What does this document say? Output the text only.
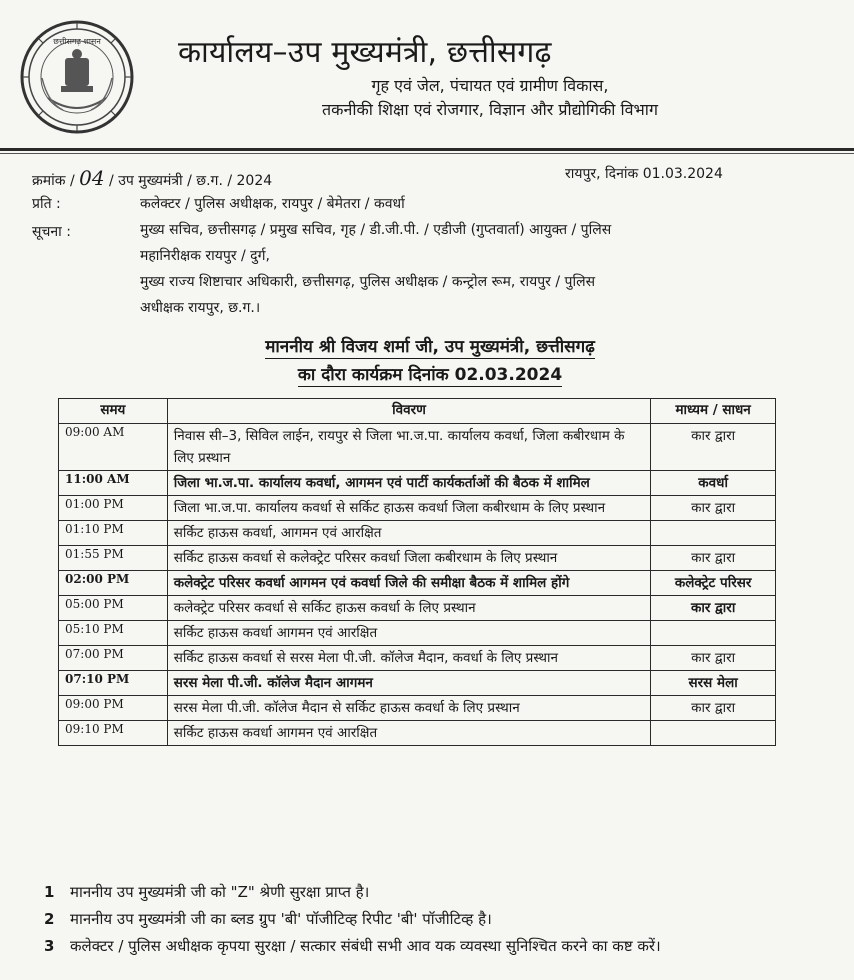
छत्तीसगढ़ शासन	कार्यालय–उप मुख्यमंत्री, छत्तीसगढ़
गृह एवं जेल, पंचायत एवं ग्रामीण विकास,
तकनीकी शिक्षा एवं रोजगार, विज्ञान और प्रौद्योगिकी विभाग
क्रमांक / 04 / उप मुख्यमंत्री / छ.ग. / 2024	रायपुर, दिनांक 01.03.2024
प्रति :	कलेक्टर / पुलिस अधीक्षक, रायपुर / बेमेतरा / कवर्धा
सूचना :	मुख्य सचिव, छत्तीसगढ़ / प्रमुख सचिव, गृह / डी.जी.पी. / एडीजी (गुप्तवार्ता) आयुक्त / पुलिस
महानिरीक्षक रायपुर / दुर्ग,
मुख्य राज्य शिष्टाचार अधिकारी, छत्तीसगढ़, पुलिस अधीक्षक / कन्ट्रोल रूम, रायपुर / पुलिस
अधीक्षक रायपुर, छ.ग.।
माननीय श्री विजय शर्मा जी, उप मुख्यमंत्री, छत्तीसगढ़
का दौरा कार्यक्रम दिनांक 02.03.2024
समय	विवरण	माध्यम / साधन
09:00 AM	निवास सी–3, सिविल लाईन, रायपुर से जिला भा.ज.पा. कार्यालय कवर्धा, जिला कबीरधाम के लिए प्रस्थान	कार द्वारा
11:00 AM	जिला भा.ज.पा. कार्यालय कवर्धा, आगमन एवं पार्टी कार्यकर्ताओं की बैठक में शामिल	कवर्धा
01:00 PM	जिला भा.ज.पा. कार्यालय कवर्धा से सर्किट हाऊस कवर्धा जिला कबीरधाम के लिए प्रस्थान	कार द्वारा
01:10 PM	सर्किट हाऊस कवर्धा, आगमन एवं आरक्षित	
01:55 PM	सर्किट हाऊस कवर्धा से कलेक्ट्रेट परिसर कवर्धा जिला कबीरधाम के लिए प्रस्थान	कार द्वारा
02:00 PM	कलेक्ट्रेट परिसर कवर्धा आगमन एवं कवर्धा जिले की समीक्षा बैठक में शामिल होंगे	कलेक्ट्रेट परिसर
05:00 PM	कलेक्ट्रेट परिसर कवर्धा से सर्किट हाऊस कवर्धा के लिए प्रस्थान	कार द्वारा
05:10 PM	सर्किट हाऊस कवर्धा आगमन एवं आरक्षित	
07:00 PM	सर्किट हाऊस कवर्धा से सरस मेला पी.जी. कॉलेज मैदान, कवर्धा के लिए प्रस्थान	कार द्वारा
07:10 PM	सरस मेला पी.जी. कॉलेज मैदान आगमन	सरस मेला
09:00 PM	सरस मेला पी.जी. कॉलेज मैदान से सर्किट हाऊस कवर्धा के लिए प्रस्थान	कार द्वारा
09:10 PM	सर्किट हाऊस कवर्धा आगमन एवं आरक्षित	
1 माननीय उप मुख्यमंत्री जी को "Z" श्रेणी सुरक्षा प्राप्त है।
2 माननीय उप मुख्यमंत्री जी का ब्लड ग्रुप 'बी' पॉजीटिव्ह रिपीट 'बी' पॉजीटिव्ह है।
3 कलेक्टर / पुलिस अधीक्षक कृपया सुरक्षा / सत्कार संबंधी सभी आव यक व्यवस्था सुनिश्चित करने का कष्ट करें।
